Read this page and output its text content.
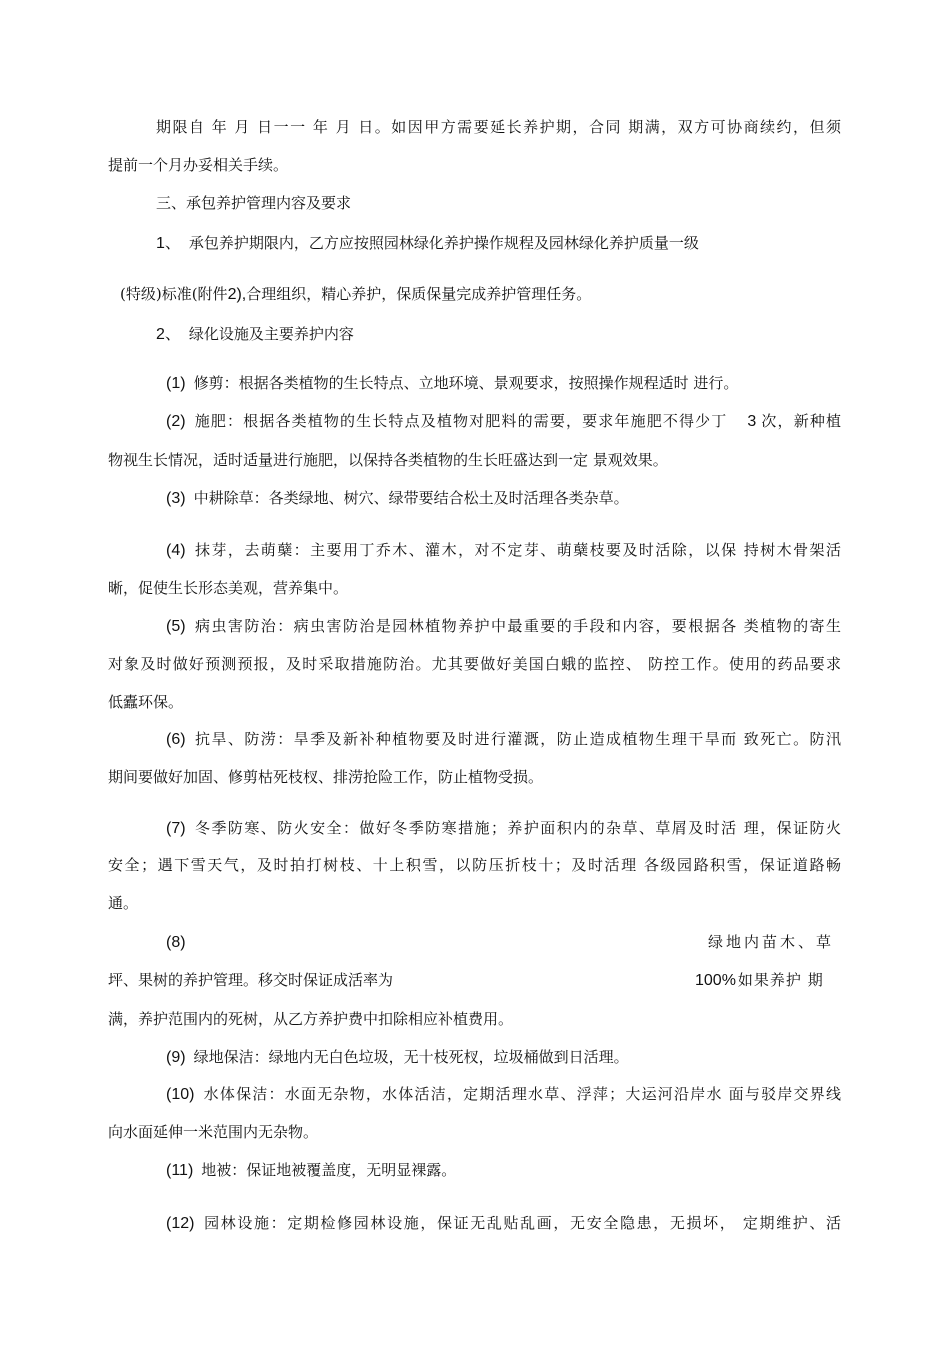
期限自 年 月 日一一 年 月 日。如因甲方需要延长养护期，合同 期满，双方可协商续约，但须
提前一个月办妥相关手续。
三、承包养护管理内容及要求
1、 承包养护期限内，乙方应按照园林绿化养护操作规程及园林绿化养护质量一级
(特级)标准(附件2),合理组织，精心养护，保质保量完成养护管理任务。
2、 绿化设施及主要养护内容
(1) 修剪：根据各类植物的生长特点、立地环境、景观要求，按照操作规程适时 进行。
(2) 施肥：根据各类植物的生长特点及植物对肥料的需要，要求年施肥不得少丁 3 次，新种植
物视生长情况，适时适量进行施肥，以保持各类植物的生长旺盛达到一定 景观效果。
(3) 中耕除草：各类绿地、树穴、绿带要结合松土及时活理各类杂草。
(4) 抹芽，去萌蘖：主要用丁乔木、灌木，对不定芽、萌蘖枝要及时活除，以保 持树木骨架活
晰，促使生长形态美观，营养集中。
(5) 病虫害防治：病虫害防治是园林植物养护中最重要的手段和内容，要根据各 类植物的寄生
对象及时做好预测预报，及时采取措施防治。尤其要做好美国白蛾的监控、 防控工作。使用的药品要求
低蠹环保。
(6) 抗旱、防涝：旱季及新补种植物要及时进行灌溉，防止造成植物生理干旱而 致死亡。防汛
期间要做好加固、修剪枯死枝杈、排涝抢险工作，防止植物受损。
(7) 冬季防寒、防火安全：做好冬季防寒措施；养护面积内的杂草、草屑及时活 理，保证防火
安全；遇下雪天气，及时拍打树枝、十上积雪，以防压折枝十；及时活理 各级园路积雪，保证道路畅
通。
(8)	绿地内苗木、草
坪、果树的养护管理。移交时保证成活率为	100% 如果养护 期
满，养护范围内的死树，从乙方养护费中扣除相应补植费用。
(9) 绿地保洁：绿地内无白色垃圾，无十枝死杈，垃圾桶做到日活理。
(10) 水体保洁：水面无杂物，水体活洁，定期活理水草、浮萍；大运河沿岸水 面与驳岸交界线
向水面延伸一米范围内无杂物。
(11) 地被：保证地被覆盖度，无明显裸露。
(12) 园林设施：定期检修园林设施，保证无乱贴乱画，无安全隐患，无损坏， 定期维护、活
